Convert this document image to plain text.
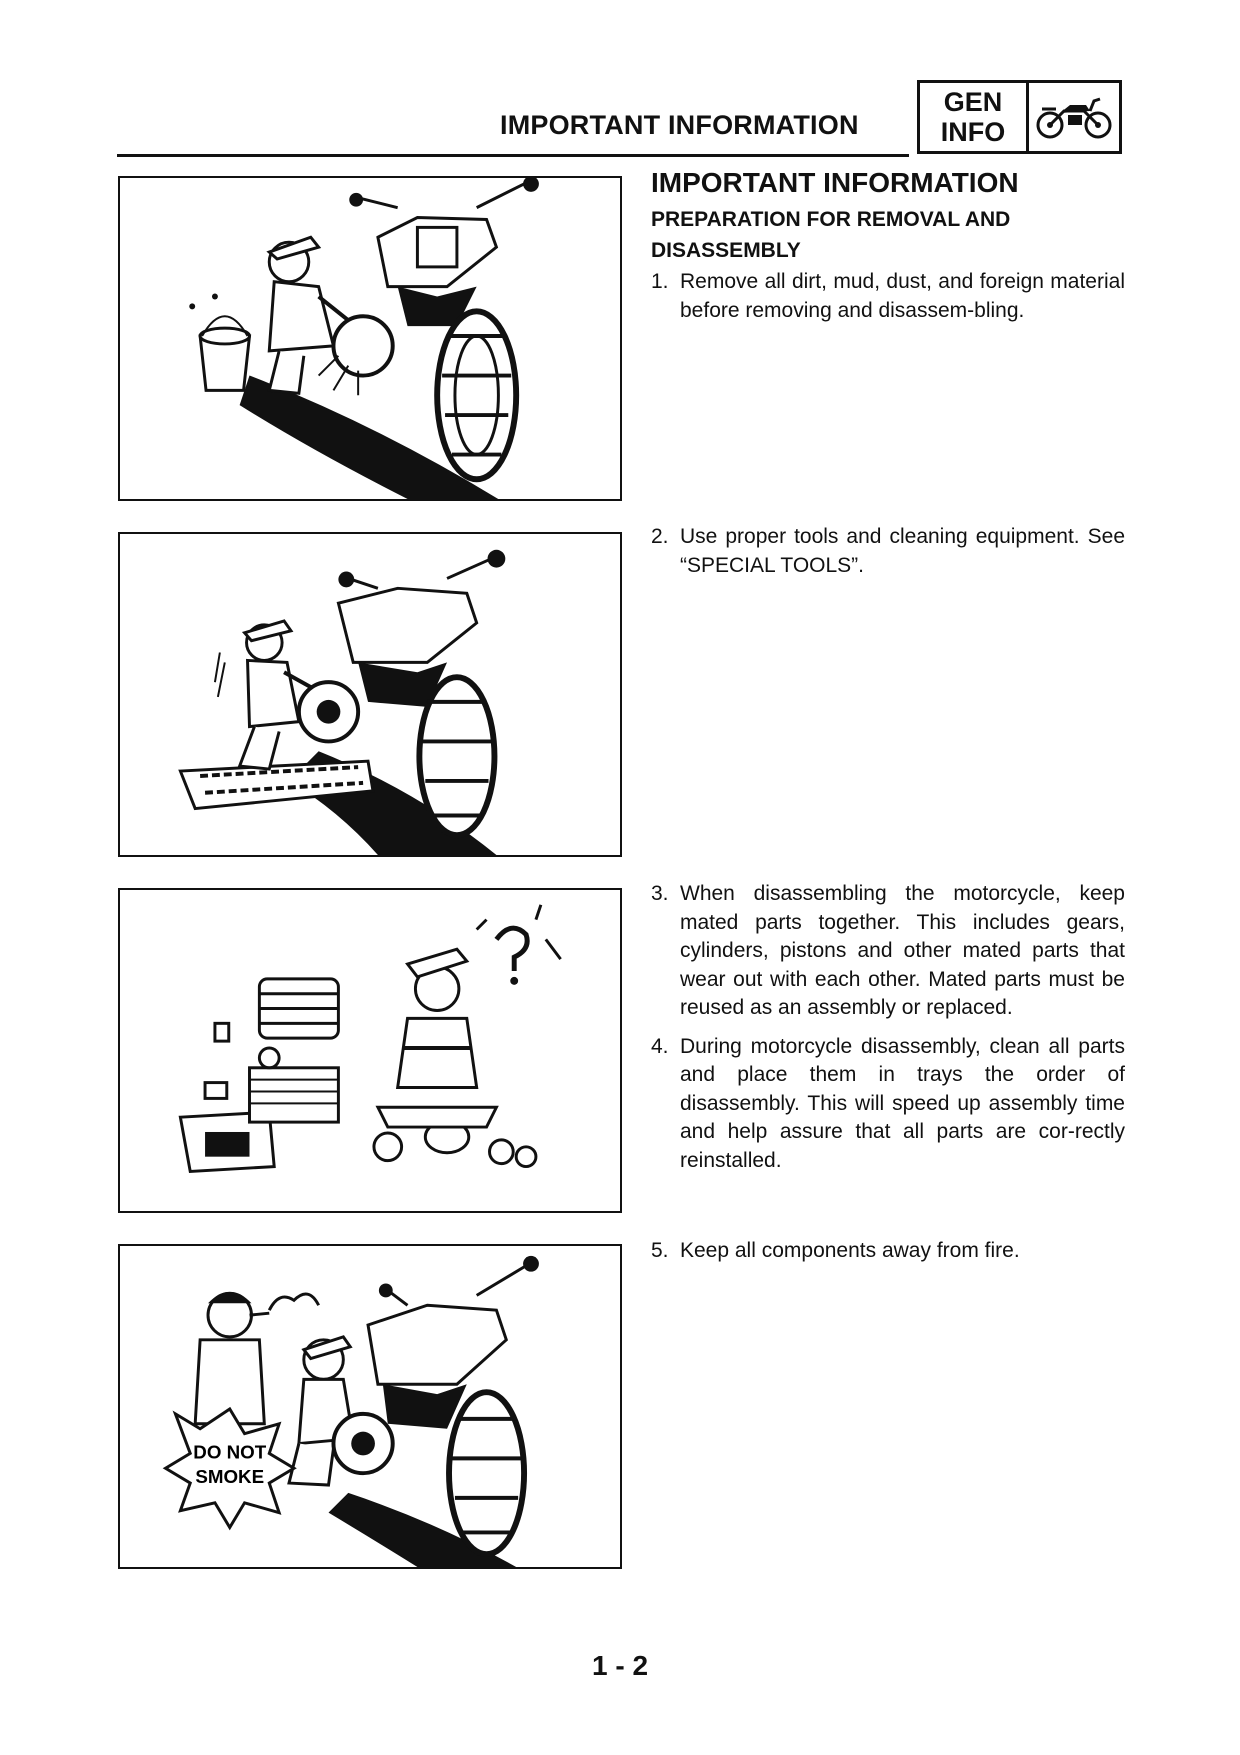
IMPORTANT INFORMATION
GEN
INFO
DO NOT
SMOKE
IMPORTANT INFORMATION
PREPARATION FOR REMOVAL AND DISASSEMBLY
1. Remove all dirt, mud, dust, and foreign material before removing and disassem-bling.
2. Use proper tools and cleaning equipment. See “SPECIAL TOOLS”.
3. When disassembling the motorcycle, keep mated parts together. This includes gears, cylinders, pistons and other mated parts that wear out with each other. Mated parts must be reused as an assembly or replaced.
4. During motorcycle disassembly, clean all parts and place them in trays the order of disassembly. This will speed up assembly time and help assure that all parts are cor-rectly reinstalled.
5. Keep all components away from fire.
1 - 2
